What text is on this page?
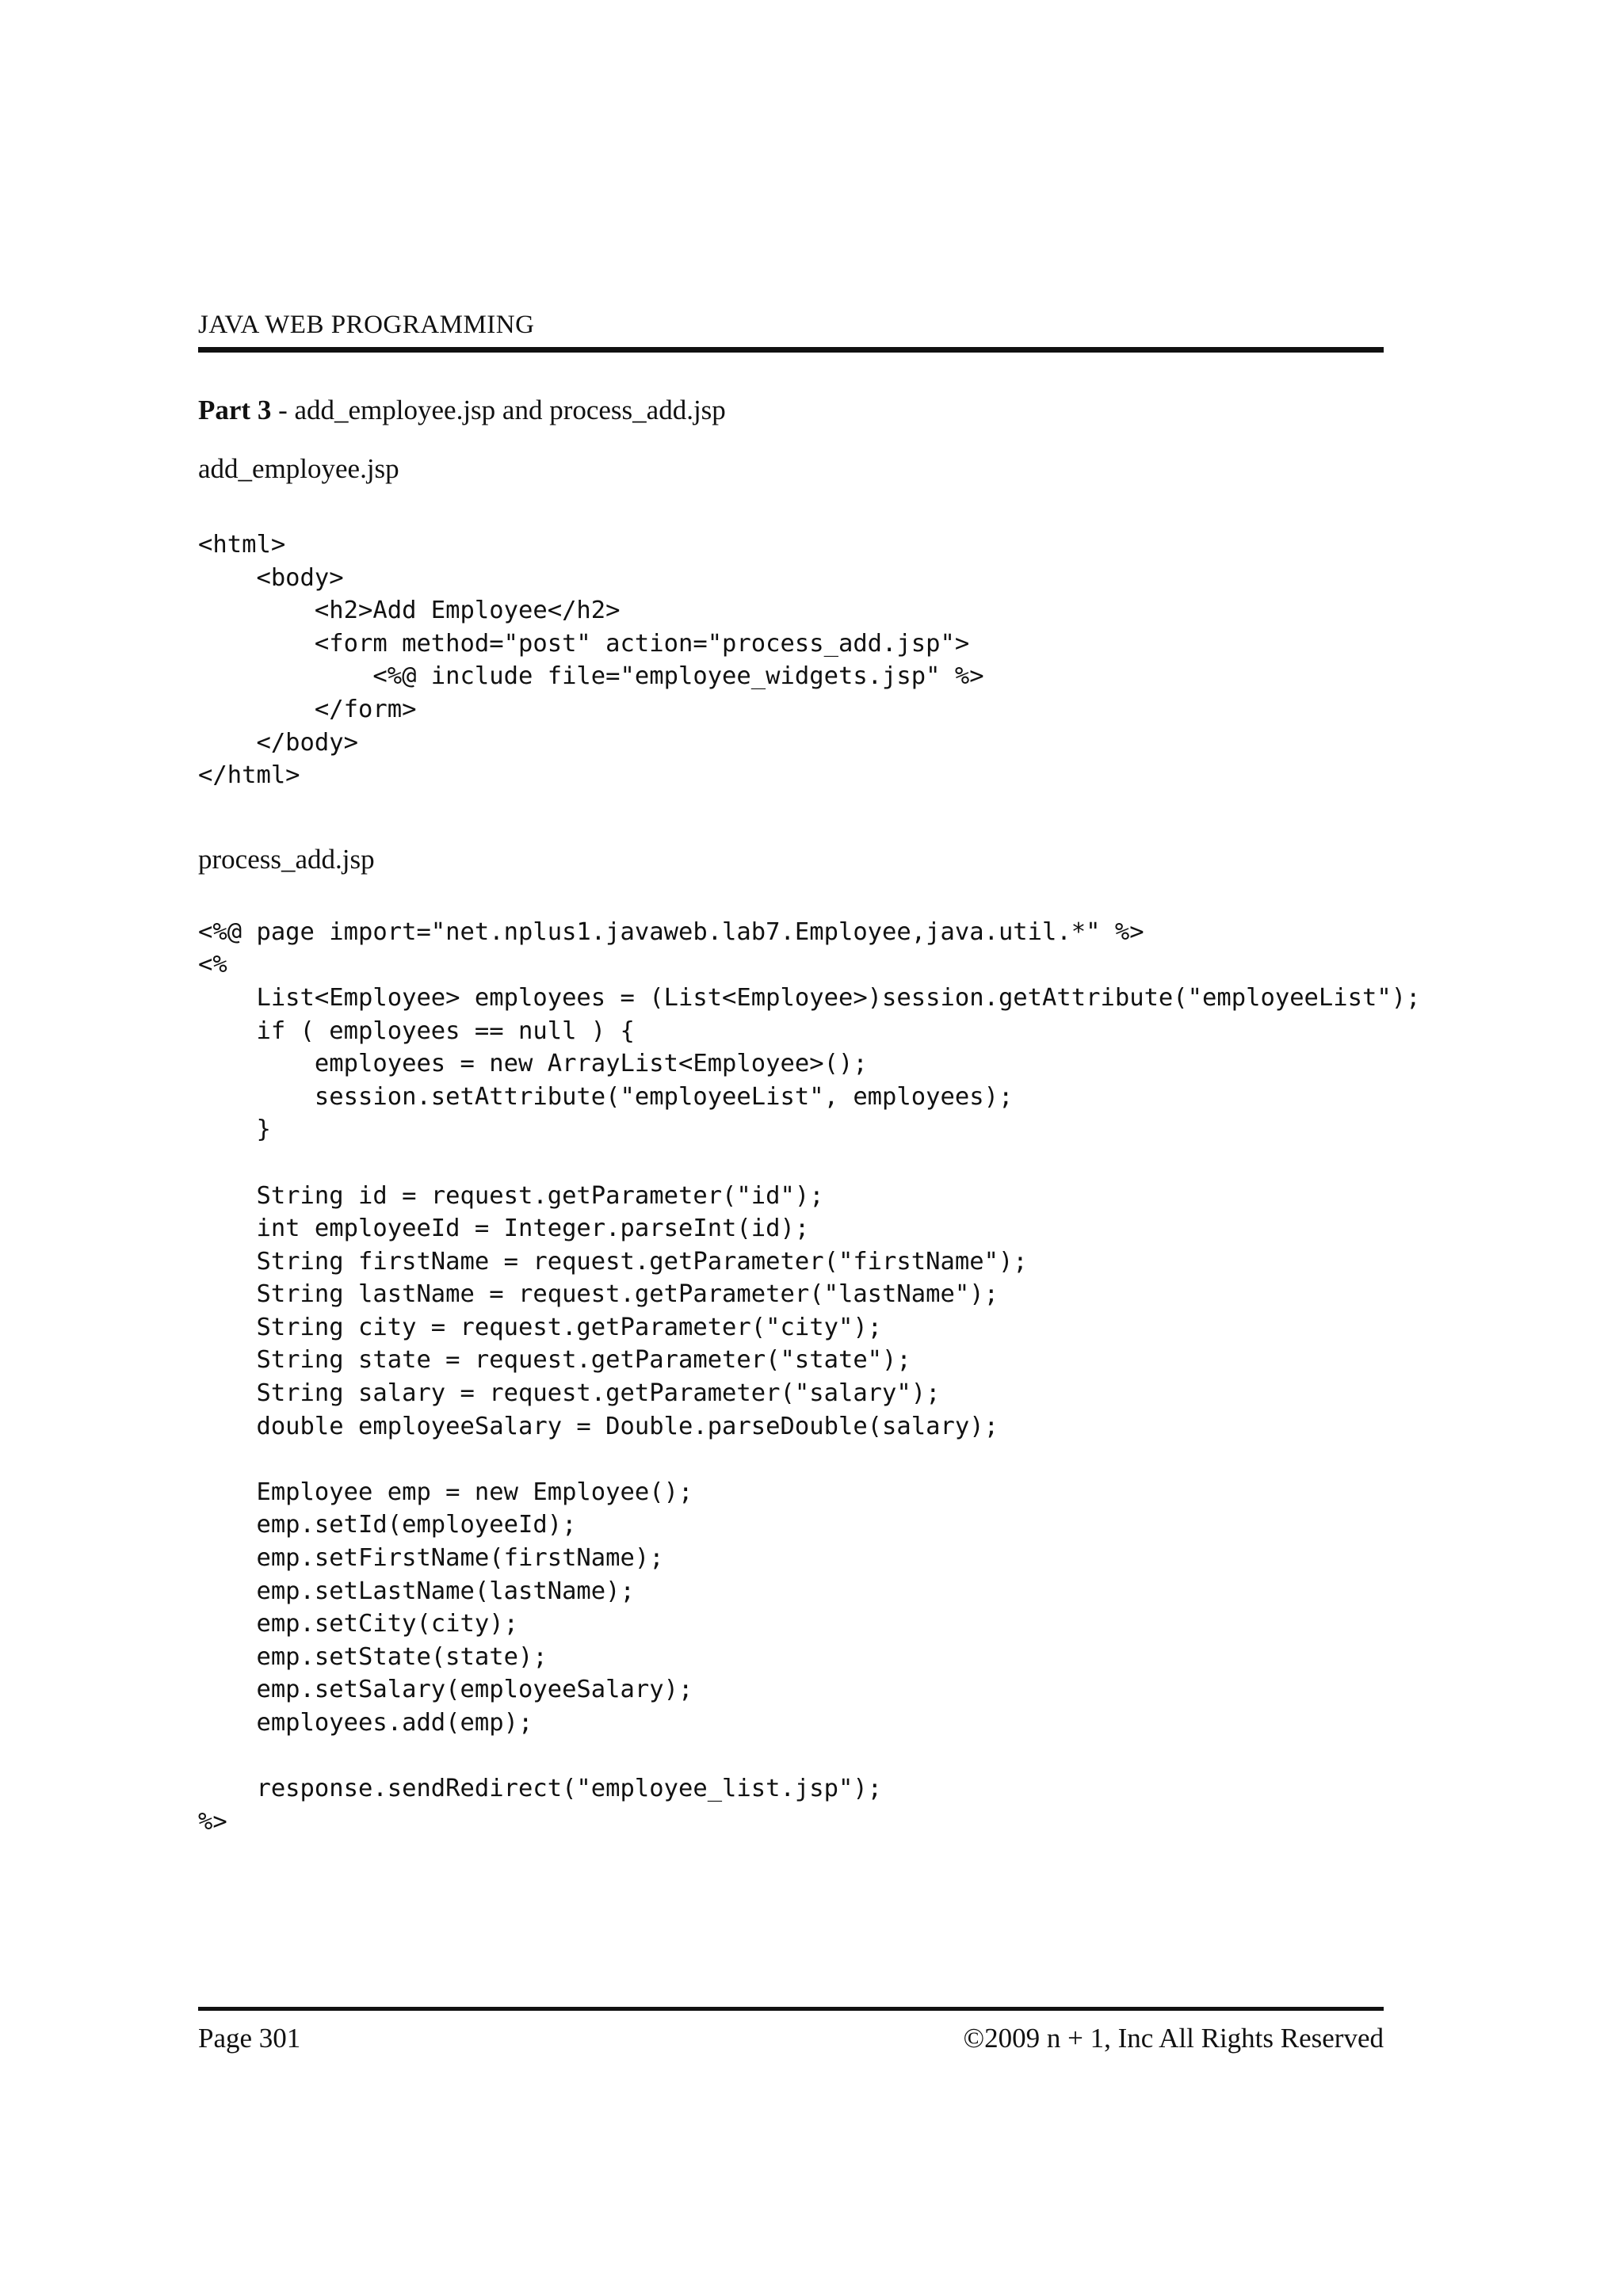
JAVA WEB PROGRAMMING

Part 3 - add_employee.jsp and process_add.jsp

add_employee.jsp

<html>
<body>
<h2>Add Employee</h2>
<form method="post" action="process_add.jsp">
<%@ include file="employee_widgets.jsp" %>
</form>
</body>
</html>

process_add.jsp

<%@ page import="net.nplus1.javaweb.lab7.Employee,java.util.*" %>
<%
List<Employee> employees = (List<Employee>)session.getAttribute("employeeList");
if ( employees == null ) {
employees = new ArrayList<Employee>();
session.setAttribute("employeeList", employees);
}

String id = request.getParameter("id");
int employeeId = Integer.parseInt(id);
String firstName = request.getParameter("firstName");
String lastName = request.getParameter("lastName");
String city = request.getParameter("city");
String state = request.getParameter("state");
String salary = request.getParameter("salary");
double employeeSalary = Double.parseDouble(salary);

Employee emp = new Employee();
emp.setId(employeeId);
emp.setFirstName(firstName);
emp.setLastName(lastName);
emp.setCity(city);
emp.setState(state);
emp.setSalary(employeeSalary);
employees.add(emp);

response.sendRedirect("employee_list.jsp");
%>
Page 301	©2009 n + 1, Inc All Rights Reserved
